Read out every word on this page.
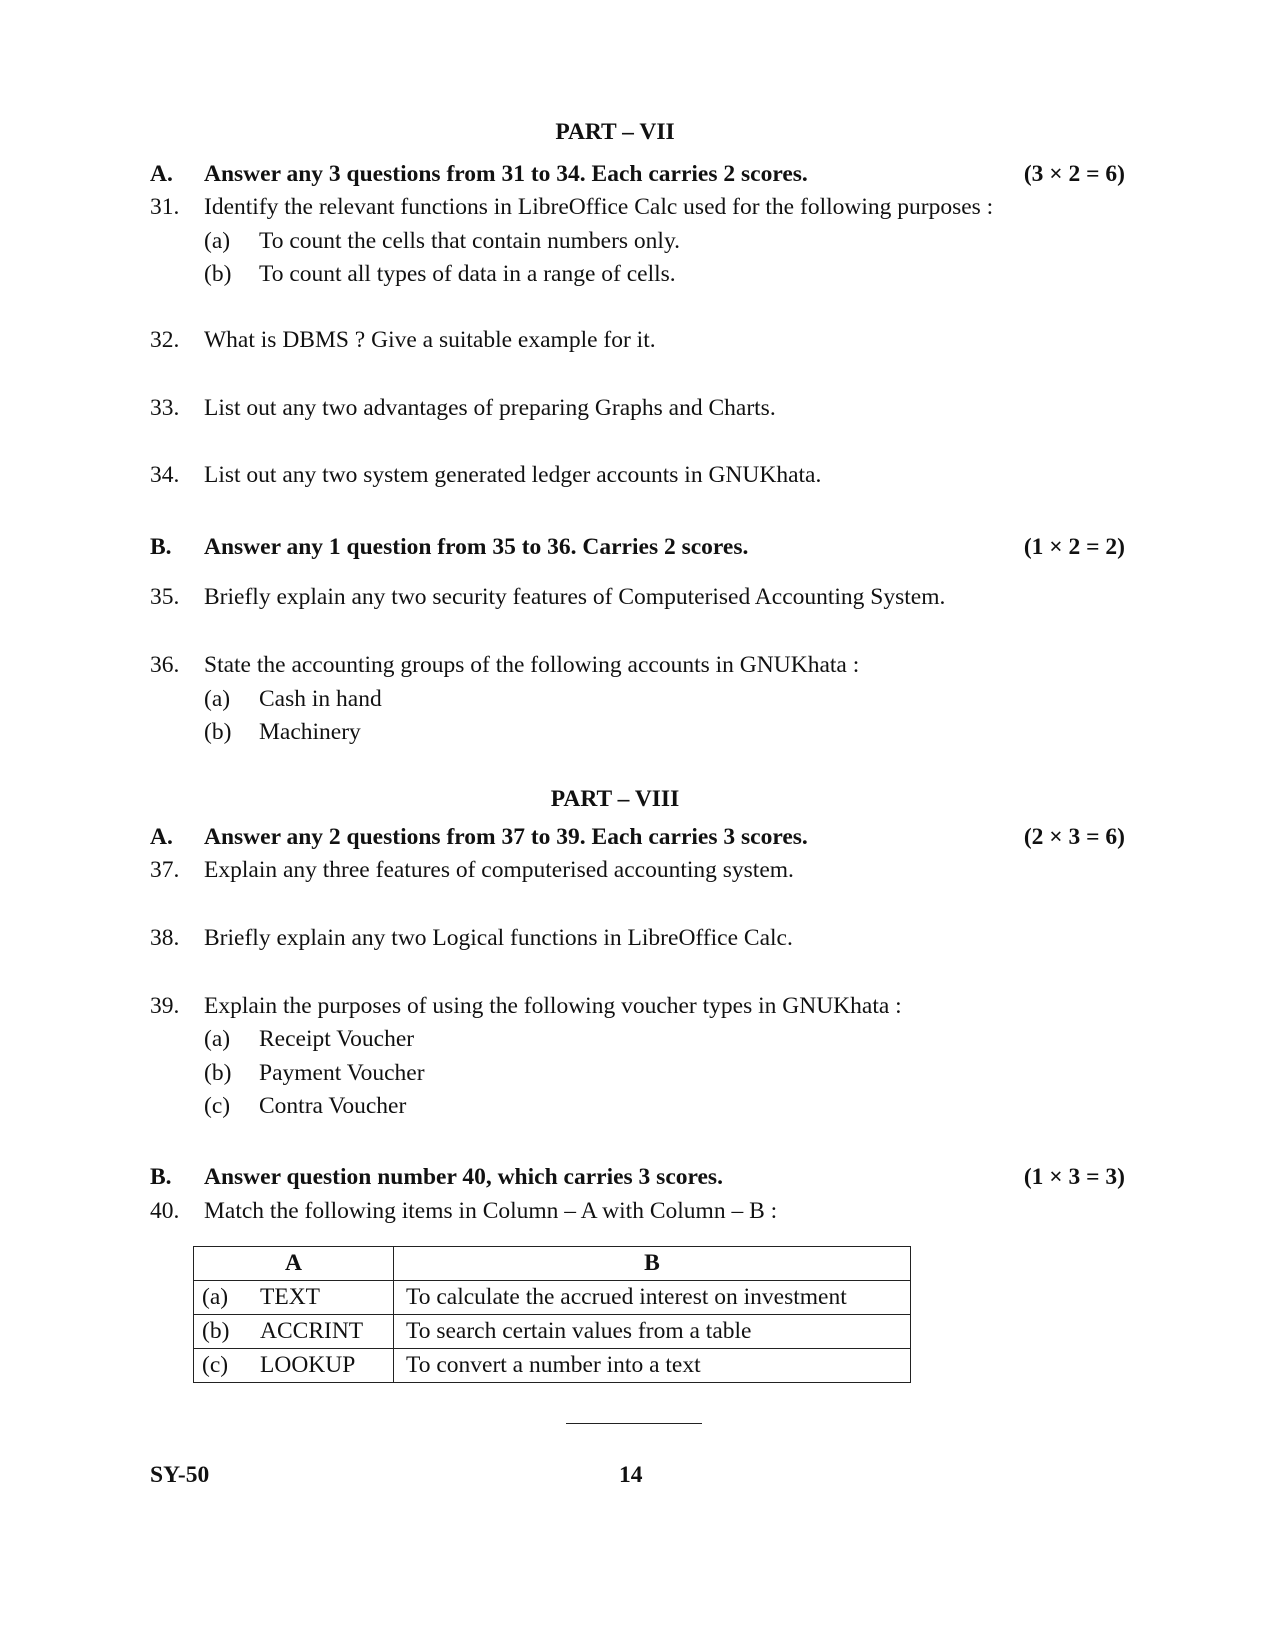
PART – VII
A. Answer any 3 questions from 31 to 34. Each carries 2 scores.	(3 × 2 = 6)
31. Identify the relevant functions in LibreOffice Calc used for the following purposes :
(a) To count the cells that contain numbers only.
(b) To count all types of data in a range of cells.
32. What is DBMS ? Give a suitable example for it.
33. List out any two advantages of preparing Graphs and Charts.
34. List out any two system generated ledger accounts in GNUKhata.
B. Answer any 1 question from 35 to 36. Carries 2 scores.	(1 × 2 = 2)
35. Briefly explain any two security features of Computerised Accounting System.
36. State the accounting groups of the following accounts in GNUKhata :
(a) Cash in hand
(b) Machinery
PART – VIII
A. Answer any 2 questions from 37 to 39. Each carries 3 scores.	(2 × 3 = 6)
37. Explain any three features of computerised accounting system.
38. Briefly explain any two Logical functions in LibreOffice Calc.
39. Explain the purposes of using the following voucher types in GNUKhata :
(a) Receipt Voucher
(b) Payment Voucher
(c) Contra Voucher
B. Answer question number 40, which carries 3 scores.	(1 × 3 = 3)
40. Match the following items in Column – A with Column – B :
A	B
(a) TEXT	To calculate the accrued interest on investment
(b) ACCRINT	To search certain values from a table
(c) LOOKUP	To convert a number into a text
SY-50	14
